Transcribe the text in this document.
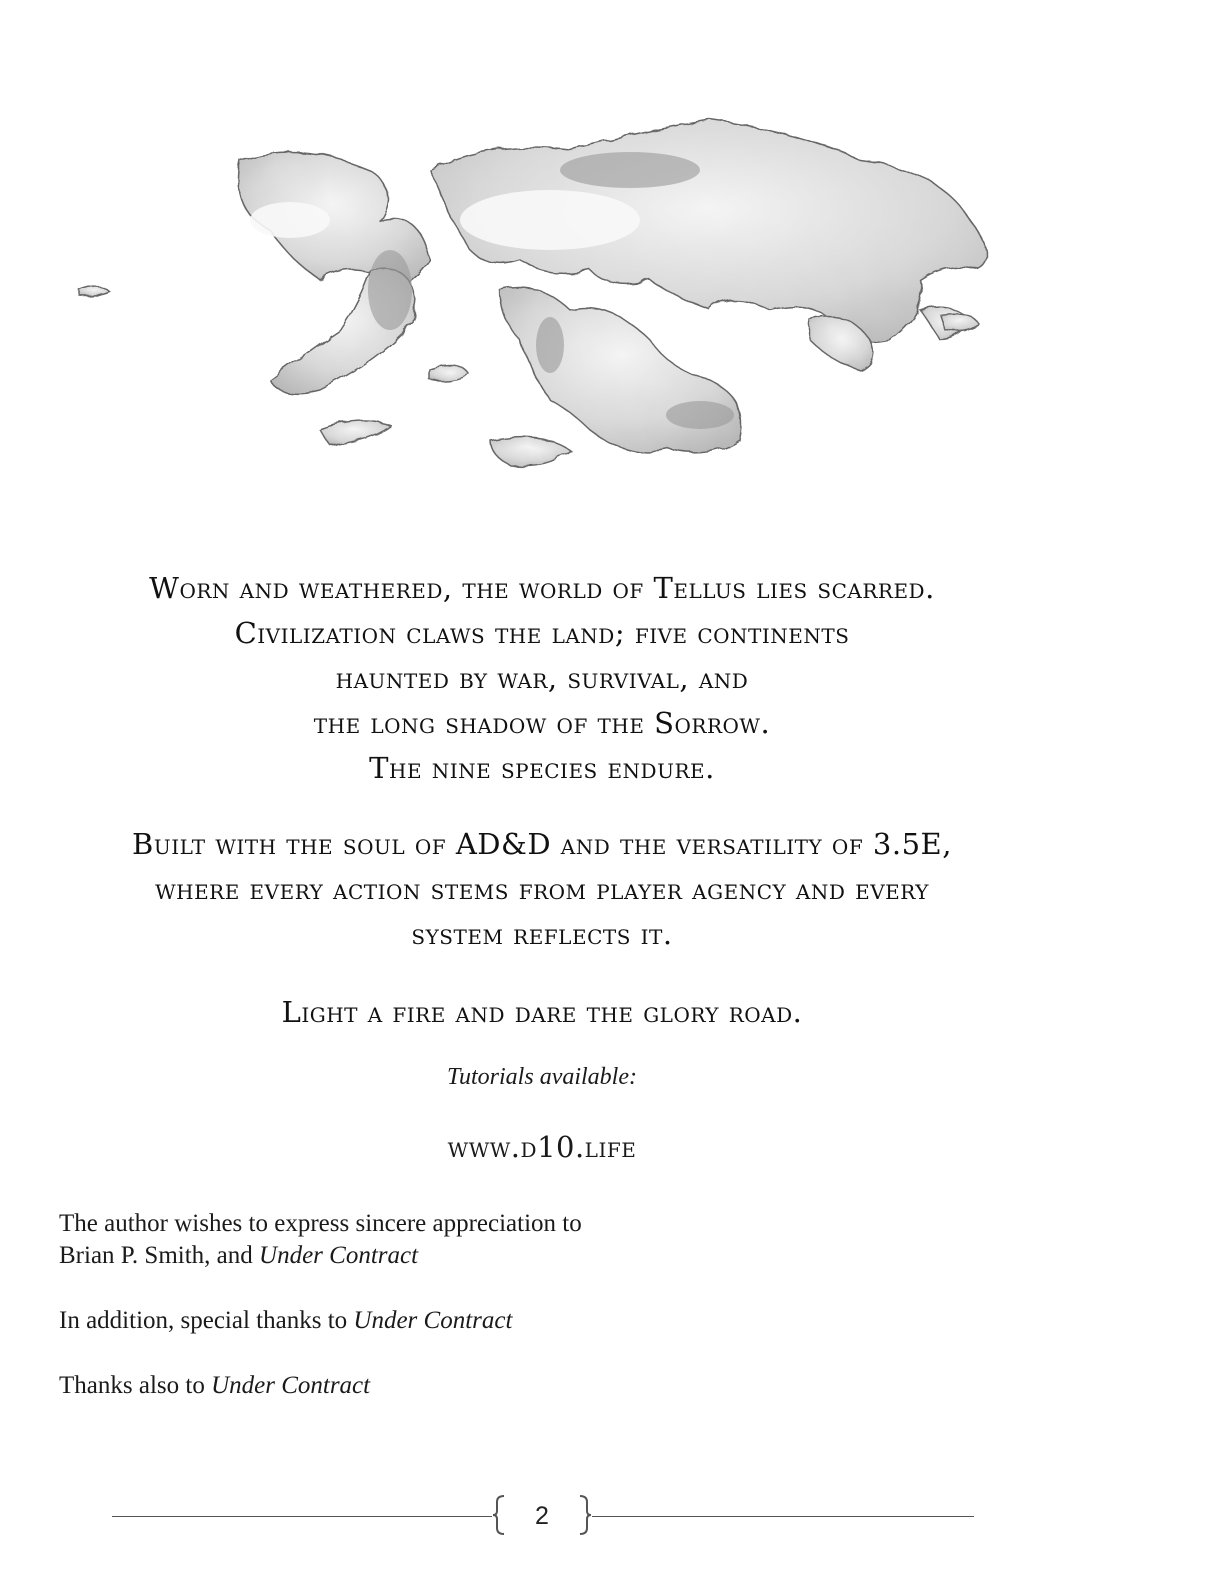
Worn and weathered, the world of Tellus lies scarred.
Civilization claws the land; five continents
haunted by war, survival, and
the long shadow of the Sorrow.
The nine species endure.
Built with the soul of AD&D and the versatility of 3.5E,
where every action stems from player agency and every
system reflects it.
Light a fire and dare the glory road.
Tutorials available:
www.d10.life
The author wishes to express sincere appreciation to
Brian P. Smith, and Under Contract
In addition, special thanks to Under Contract
Thanks also to Under Contract
2
